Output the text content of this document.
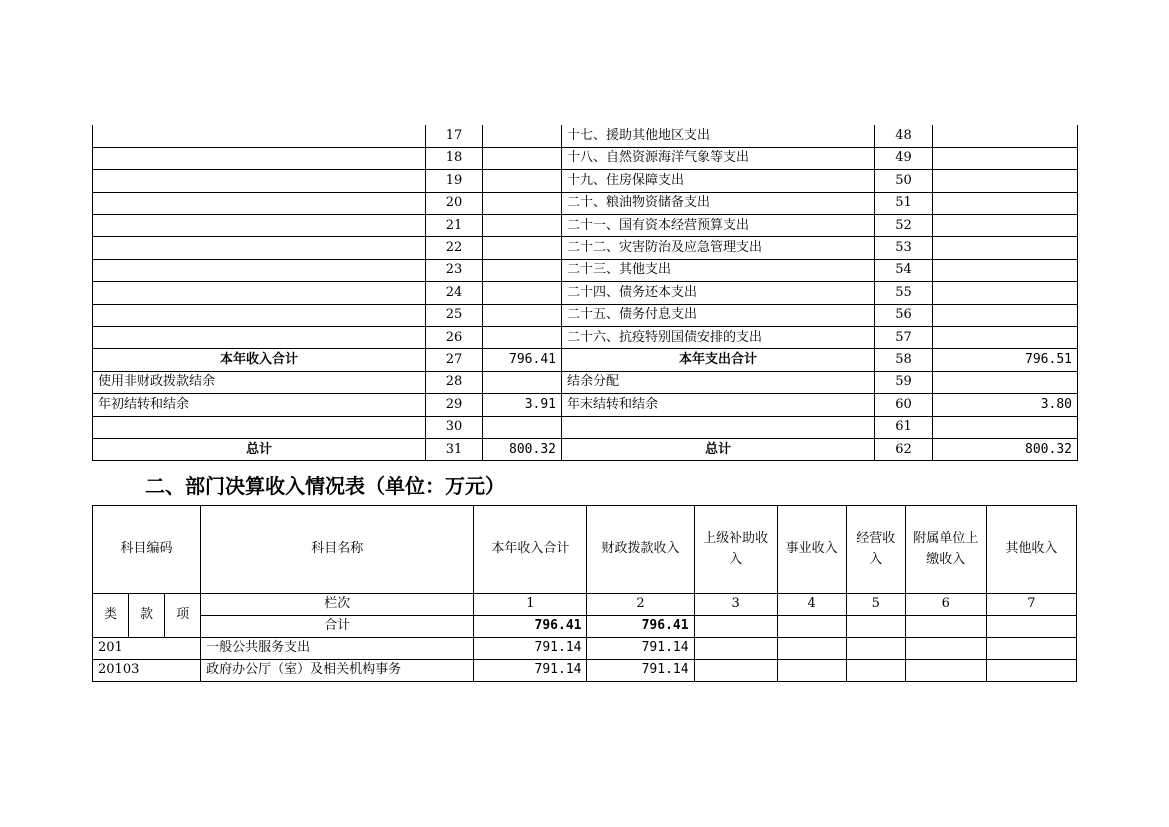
	17		十七、援助其他地区支出	48	
	18		十八、自然资源海洋气象等支出	49	
	19		十九、住房保障支出	50	
	20		二十、粮油物资储备支出	51	
	21		二十一、国有资本经营预算支出	52	
	22		二十二、灾害防治及应急管理支出	53	
	23		二十三、其他支出	54	
	24		二十四、债务还本支出	55	
	25		二十五、债务付息支出	56	
	26		二十六、抗疫特别国债安排的支出	57	
本年收入合计	27	796.41	本年支出合计	58	796.51
使用非财政拨款结余	28		结余分配	59	
年初结转和结余	29	3.91	年末结转和结余	60	3.80
	30			61	
总计	31	800.32	总计	62	800.32
二、部门决算收入情况表（单位：万元）
科目编码			科目名称	本年收入合计	财政拨款收入	上级补助收入	事业收入	经营收入	附属单位上缴收入	其他收入
类	款	项	栏次	1	2	3	4	5	6	7
			合计	796.41	796.41					
201			一般公共服务支出	791.14	791.14					
20103			政府办公厅（室）及相关机构事务	791.14	791.14					
